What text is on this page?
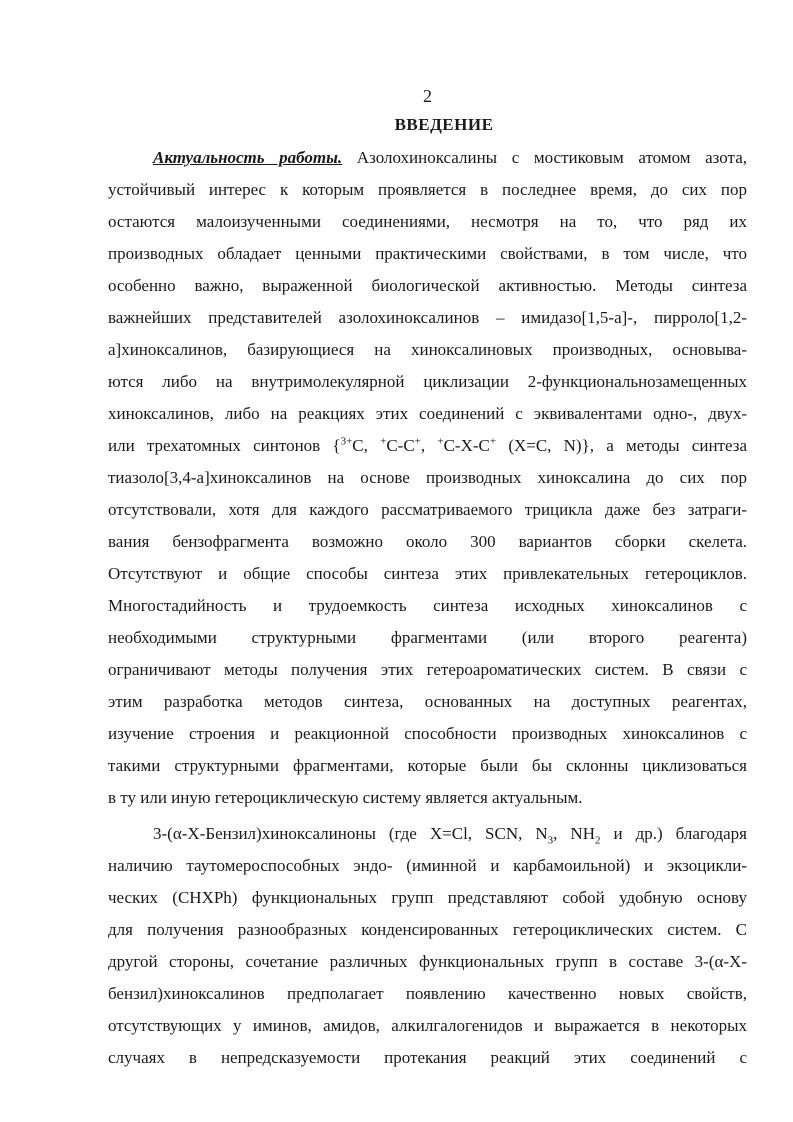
2
ВВЕДЕНИЕ
Актуальность работы. Азолохиноксалины с мостиковым атомом азота,
устойчивый интерес к которым проявляется в последнее время, до сих пор
остаются малоизученными соединениями, несмотря на то, что ряд их
производных обладает ценными практическими свойствами, в том числе, что
особенно важно, выраженной биологической активностью. Методы синтеза
важнейших представителей азолохиноксалинов – имидазо[1,5-а]-, пирроло[1,2-
а]хиноксалинов, базирующиеся на хиноксалиновых производных, основыва-
ются либо на внутримолекулярной циклизации 2-функциональнозамещенных
хиноксалинов, либо на реакциях этих соединений с эквивалентами одно-, двух-
или трехатомных синтонов {$^{3+}$C, +C-C+, +C-X-C+ (X=C, N)}, а методы синтеза
тиазоло[3,4-а]хиноксалинов на основе производных хиноксалина до сих пор
отсутствовали, хотя для каждого рассматриваемого трицикла даже без затраги-
вания бензофрагмента возможно около 300 вариантов сборки скелета.
Отсутствуют и общие способы синтеза этих привлекательных гетероциклов.
Многостадийность и трудоемкость синтеза исходных хиноксалинов с
необходимыми структурными фрагментами (или второго реагента)
ограничивают методы получения этих гетероароматических систем. В связи с
этим разработка методов синтеза, основанных на доступных реагентах,
изучение строения и реакционной способности производных хиноксалинов с
такими структурными фрагментами, которые были бы склонны циклизоваться
в ту или иную гетероциклическую систему является актуальным.
3-(α-X-Бензил)хиноксалиноны (где X=Cl, SCN, $N_3$, $NH_2$ и др.) благодаря
наличию таутомероспособных эндо- (иминной и карбамоильной) и экзоцикли-
ческих (CHXPh) функциональных групп представляют собой удобную основу
для получения разнообразных конденсированных гетероциклических систем. С
другой стороны, сочетание различных функциональных групп в составе 3-(α-X-
бензил)хиноксалинов предполагает появлению качественно новых свойств,
отсутствующих у иминов, амидов, алкилгалогенидов и выражается в некоторых
случаях в непредсказуемости протекания реакций этих соединений с
